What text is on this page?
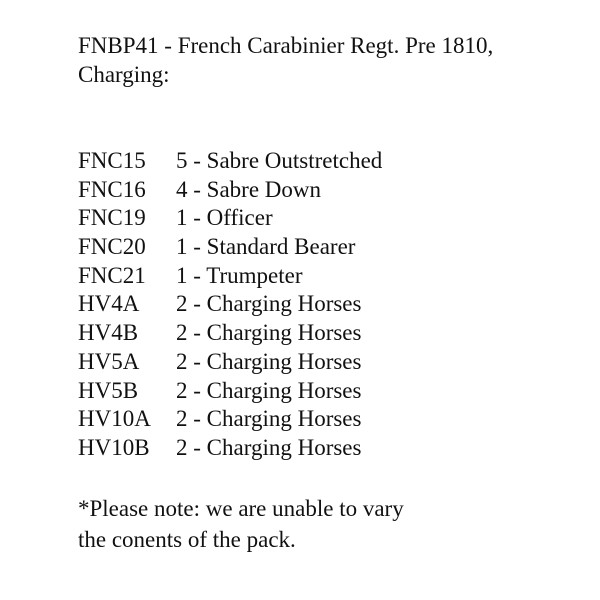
FNBP41 - French Carabinier Regt. Pre 1810,
Charging:
FNC15	5 - Sabre Outstretched
FNC16	4 - Sabre Down
FNC19	1 - Officer
FNC20	1 - Standard Bearer
FNC21	1 - Trumpeter
HV4A	2 - Charging Horses
HV4B	2 - Charging Horses
HV5A	2 - Charging Horses
HV5B	2 - Charging Horses
HV10A	2 - Charging Horses
HV10B	2 - Charging Horses

*Please note: we are unable to vary
the conents of the pack.
